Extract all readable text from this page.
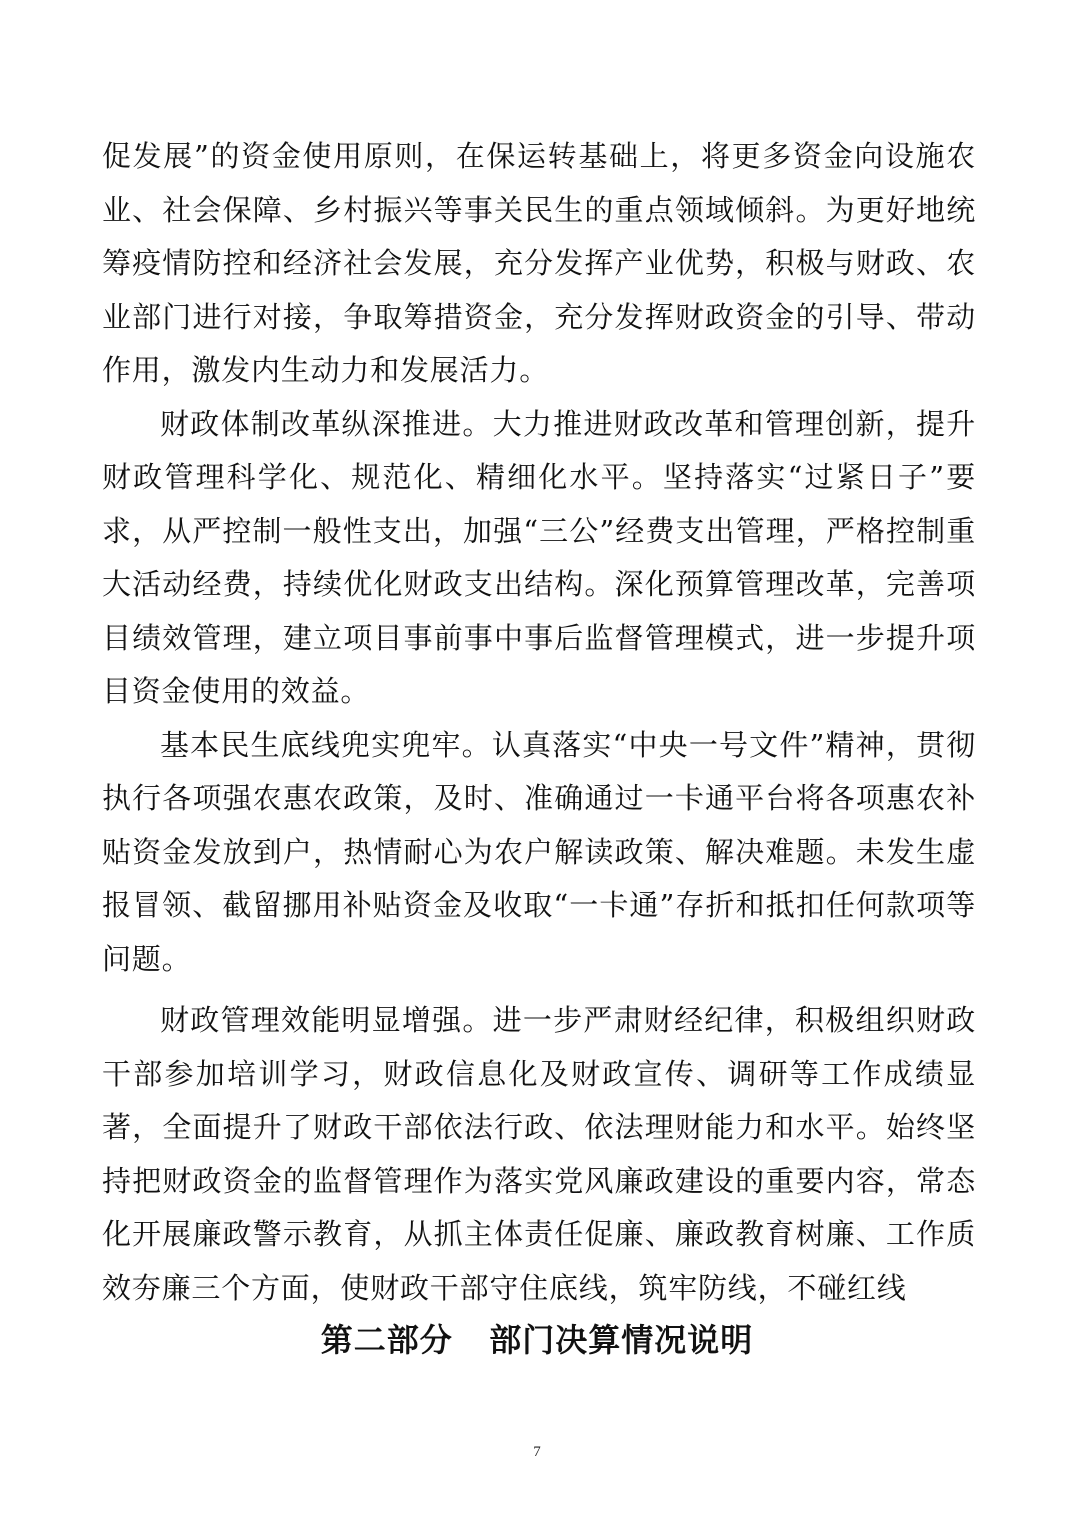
促发展”的资金使用原则，在保运转基础上，将更多资金向设施农业、社会保障、乡村振兴等事关民生的重点领域倾斜。为更好地统筹疫情防控和经济社会发展，充分发挥产业优势，积极与财政、农业部门进行对接，争取筹措资金，充分发挥财政资金的引导、带动作用，激发内生动力和发展活力。

财政体制改革纵深推进。大力推进财政改革和管理创新，提升财政管理科学化、规范化、精细化水平。坚持落实“过紧日子”要求，从严控制一般性支出，加强“三公”经费支出管理，严格控制重大活动经费，持续优化财政支出结构。深化预算管理改革，完善项目绩效管理，建立项目事前事中事后监督管理模式，进一步提升项目资金使用的效益。

基本民生底线兜实兜牢。认真落实“中央一号文件”精神，贯彻执行各项强农惠农政策，及时、准确通过一卡通平台将各项惠农补贴资金发放到户，热情耐心为农户解读政策、解决难题。未发生虚报冒领、截留挪用补贴资金及收取“一卡通”存折和抵扣任何款项等问题。

财政管理效能明显增强。进一步严肃财经纪律，积极组织财政干部参加培训学习，财政信息化及财政宣传、调研等工作成绩显著，全面提升了财政干部依法行政、依法理财能力和水平。始终坚持把财政资金的监督管理作为落实党风廉政建设的重要内容，常态化开展廉政警示教育，从抓主体责任促廉、廉政教育树廉、工作质效夯廉三个方面，使财政干部守住底线，筑牢防线，不碰红线

第二部分   部门决算情况说明
7
